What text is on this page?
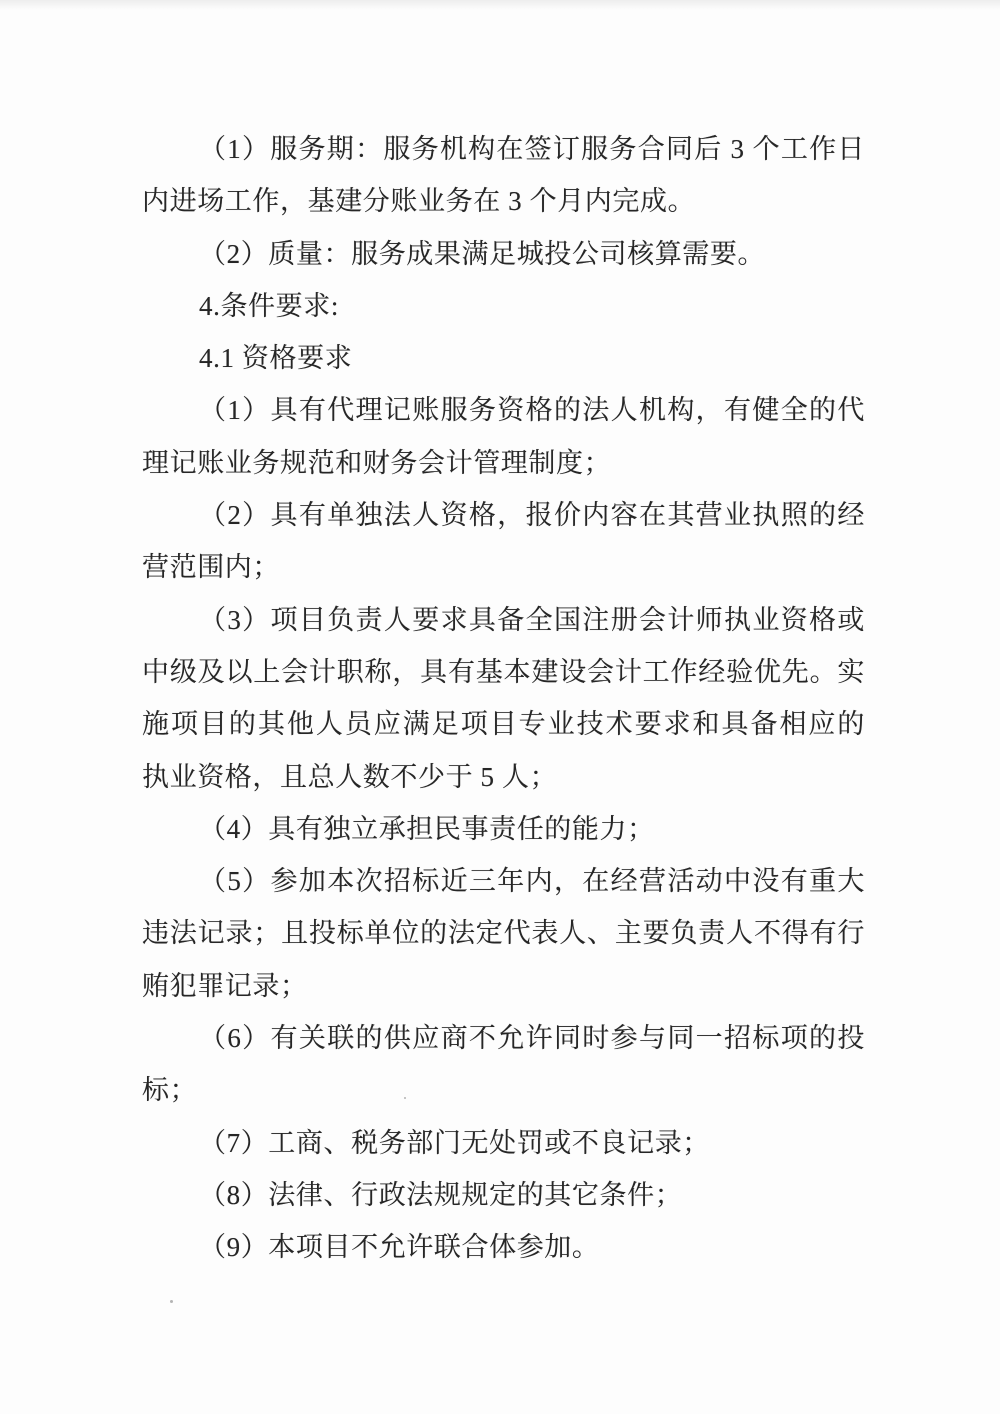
（1）服务期：服务机构在签订服务合同后 3 个工作日
内进场工作，基建分账业务在 3 个月内完成。
（2）质量：服务成果满足城投公司核算需要。
4.条件要求:
4.1 资格要求
（1）具有代理记账服务资格的法人机构，有健全的代
理记账业务规范和财务会计管理制度；
（2）具有单独法人资格，报价内容在其营业执照的经
营范围内；
（3）项目负责人要求具备全国注册会计师执业资格或
中级及以上会计职称，具有基本建设会计工作经验优先。实
施项目的其他人员应满足项目专业技术要求和具备相应的
执业资格，且总人数不少于 5 人；
（4）具有独立承担民事责任的能力；
（5）参加本次招标近三年内，在经营活动中没有重大
违法记录；且投标单位的法定代表人、主要负责人不得有行
贿犯罪记录；
（6）有关联的供应商不允许同时参与同一招标项的投
标；
（7）工商、税务部门无处罚或不良记录；
（8）法律、行政法规规定的其它条件；
（9）本项目不允许联合体参加。
